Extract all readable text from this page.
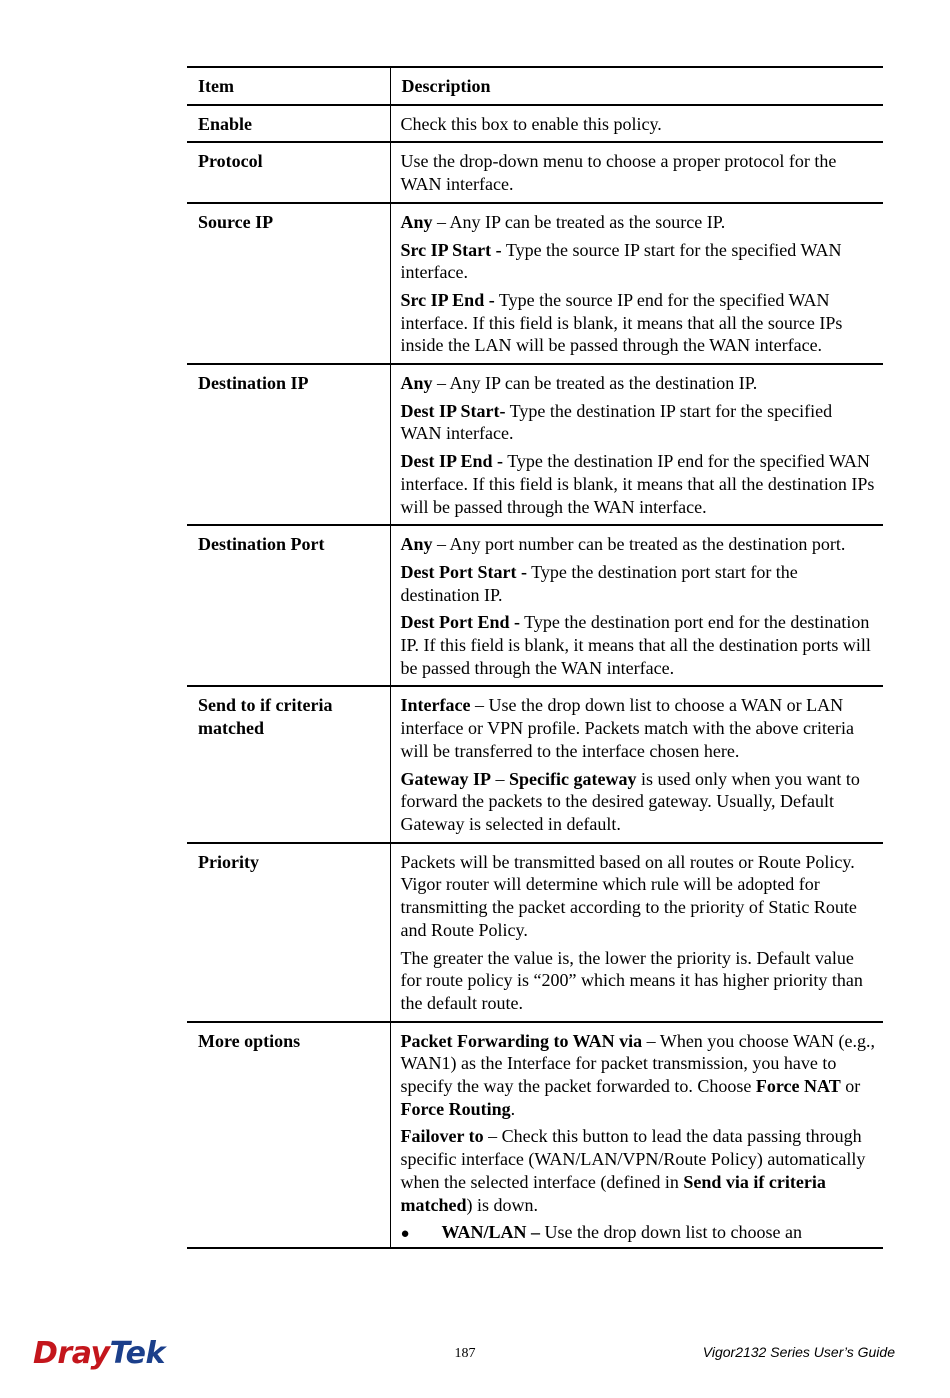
Item	Description
Enable	Check this box to enable this policy.

Protocol	Use the drop-down menu to choose a proper protocol for the WAN interface.

Source IP	Any – Any IP can be treated as the source IP.

Src IP Start - Type the source IP start for the specified WAN interface.

Src IP End - Type the source IP end for the specified WAN interface. If this field is blank, it means that all the source IPs inside the LAN will be passed through the WAN interface.

Destination IP	Any – Any IP can be treated as the destination IP.

Dest IP Start- Type the destination IP start for the specified WAN interface.

Dest IP End - Type the destination IP end for the specified WAN interface. If this field is blank, it means that all the destination IPs will be passed through the WAN interface.

Destination Port	Any – Any port number can be treated as the destination port.

Dest Port Start - Type the destination port start for the destination IP.

Dest Port End - Type the destination port end for the destination IP. If this field is blank, it means that all the destination ports will be passed through the WAN interface.

Send to if criteria matched	Interface – Use the drop down list to choose a WAN or LAN interface or VPN profile. Packets match with the above criteria will be transferred to the interface chosen here.

Gateway IP – Specific gateway is used only when you want to forward the packets to the desired gateway. Usually, Default Gateway is selected in default.

Priority	Packets will be transmitted based on all routes or Route Policy. Vigor router will determine which rule will be adopted for transmitting the packet according to the priority of Static Route and Route Policy.

The greater the value is, the lower the priority is. Default value for route policy is “200” which means it has higher priority than the default route.

More options	Packet Forwarding to WAN via – When you choose WAN (e.g., WAN1) as the Interface for packet transmission, you have to specify the way the packet forwarded to. Choose Force NAT or Force Routing.

Failover to – Check this button to lead the data passing through specific interface (WAN/LAN/VPN/Route Policy) automatically when the selected interface (defined in Send via if criteria matched) is down.

● WAN/LAN – Use the drop down list to choose an
DrayTek	187	Vigor2132 Series User’s Guide
